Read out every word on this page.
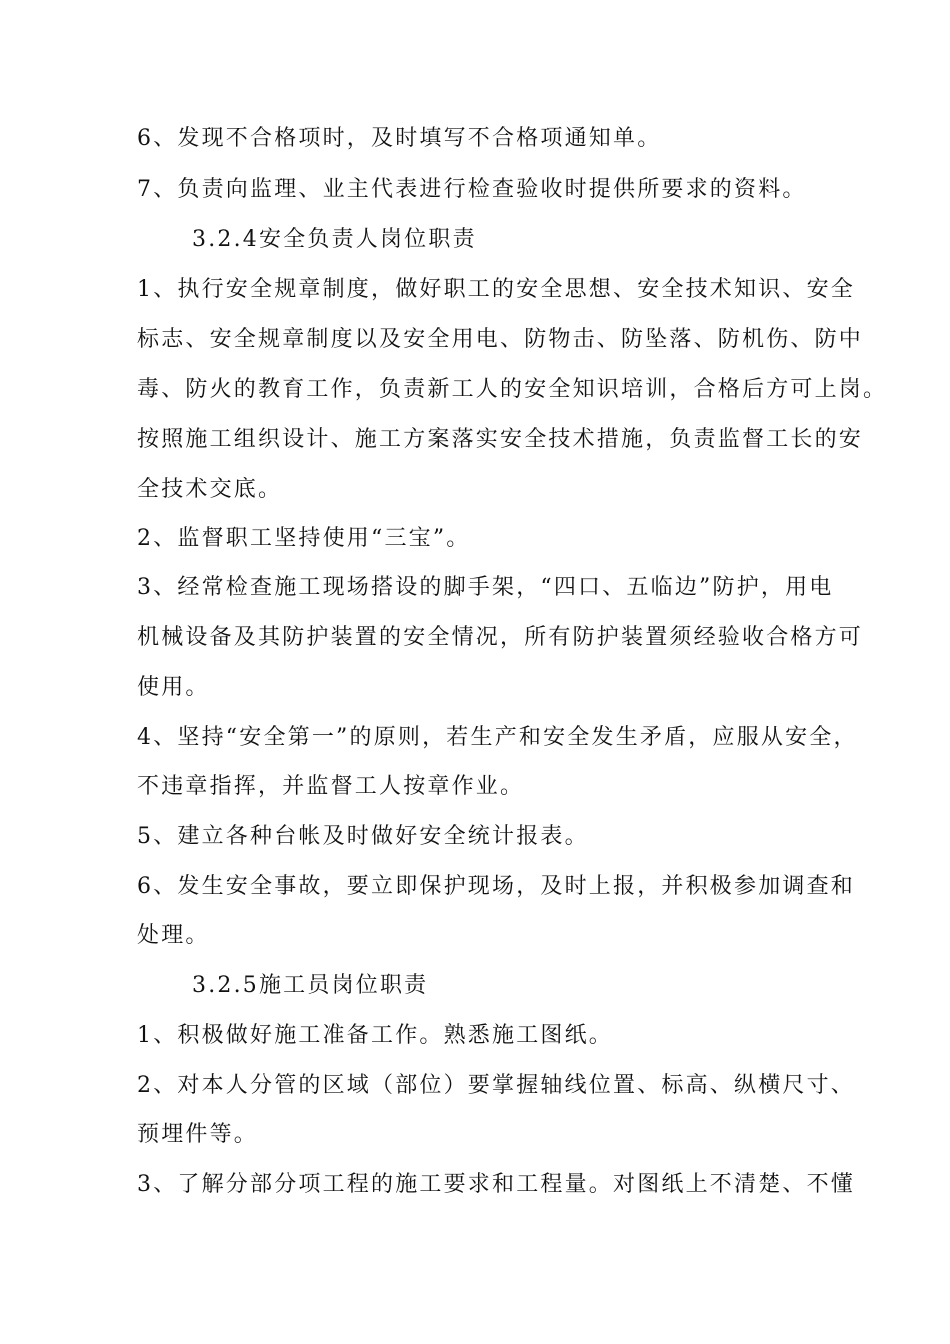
6、发现不合格项时，及时填写不合格项通知单。
7、负责向监理、业主代表进行检查验收时提供所要求的资料。
3.2.4安全负责人岗位职责
1、执行安全规章制度，做好职工的安全思想、安全技术知识、安全
标志、安全规章制度以及安全用电、防物击、防坠落、防机伤、防中
毒、防火的教育工作，负责新工人的安全知识培训，合格后方可上岗。
按照施工组织设计、施工方案落实安全技术措施，负责监督工长的安
全技术交底。
2、监督职工坚持使用“三宝”。
3、经常检查施工现场搭设的脚手架，“四口、五临边”防护，用电
机械设备及其防护装置的安全情况，所有防护装置须经验收合格方可
使用。
4、坚持“安全第一”的原则，若生产和安全发生矛盾，应服从安全，
不违章指挥，并监督工人按章作业。
5、建立各种台帐及时做好安全统计报表。
6、发生安全事故，要立即保护现场，及时上报，并积极参加调查和
处理。
3.2.5施工员岗位职责
1、积极做好施工准备工作。熟悉施工图纸。
2、对本人分管的区域（部位）要掌握轴线位置、标高、纵横尺寸、
预埋件等。
3、了解分部分项工程的施工要求和工程量。对图纸上不清楚、不懂
